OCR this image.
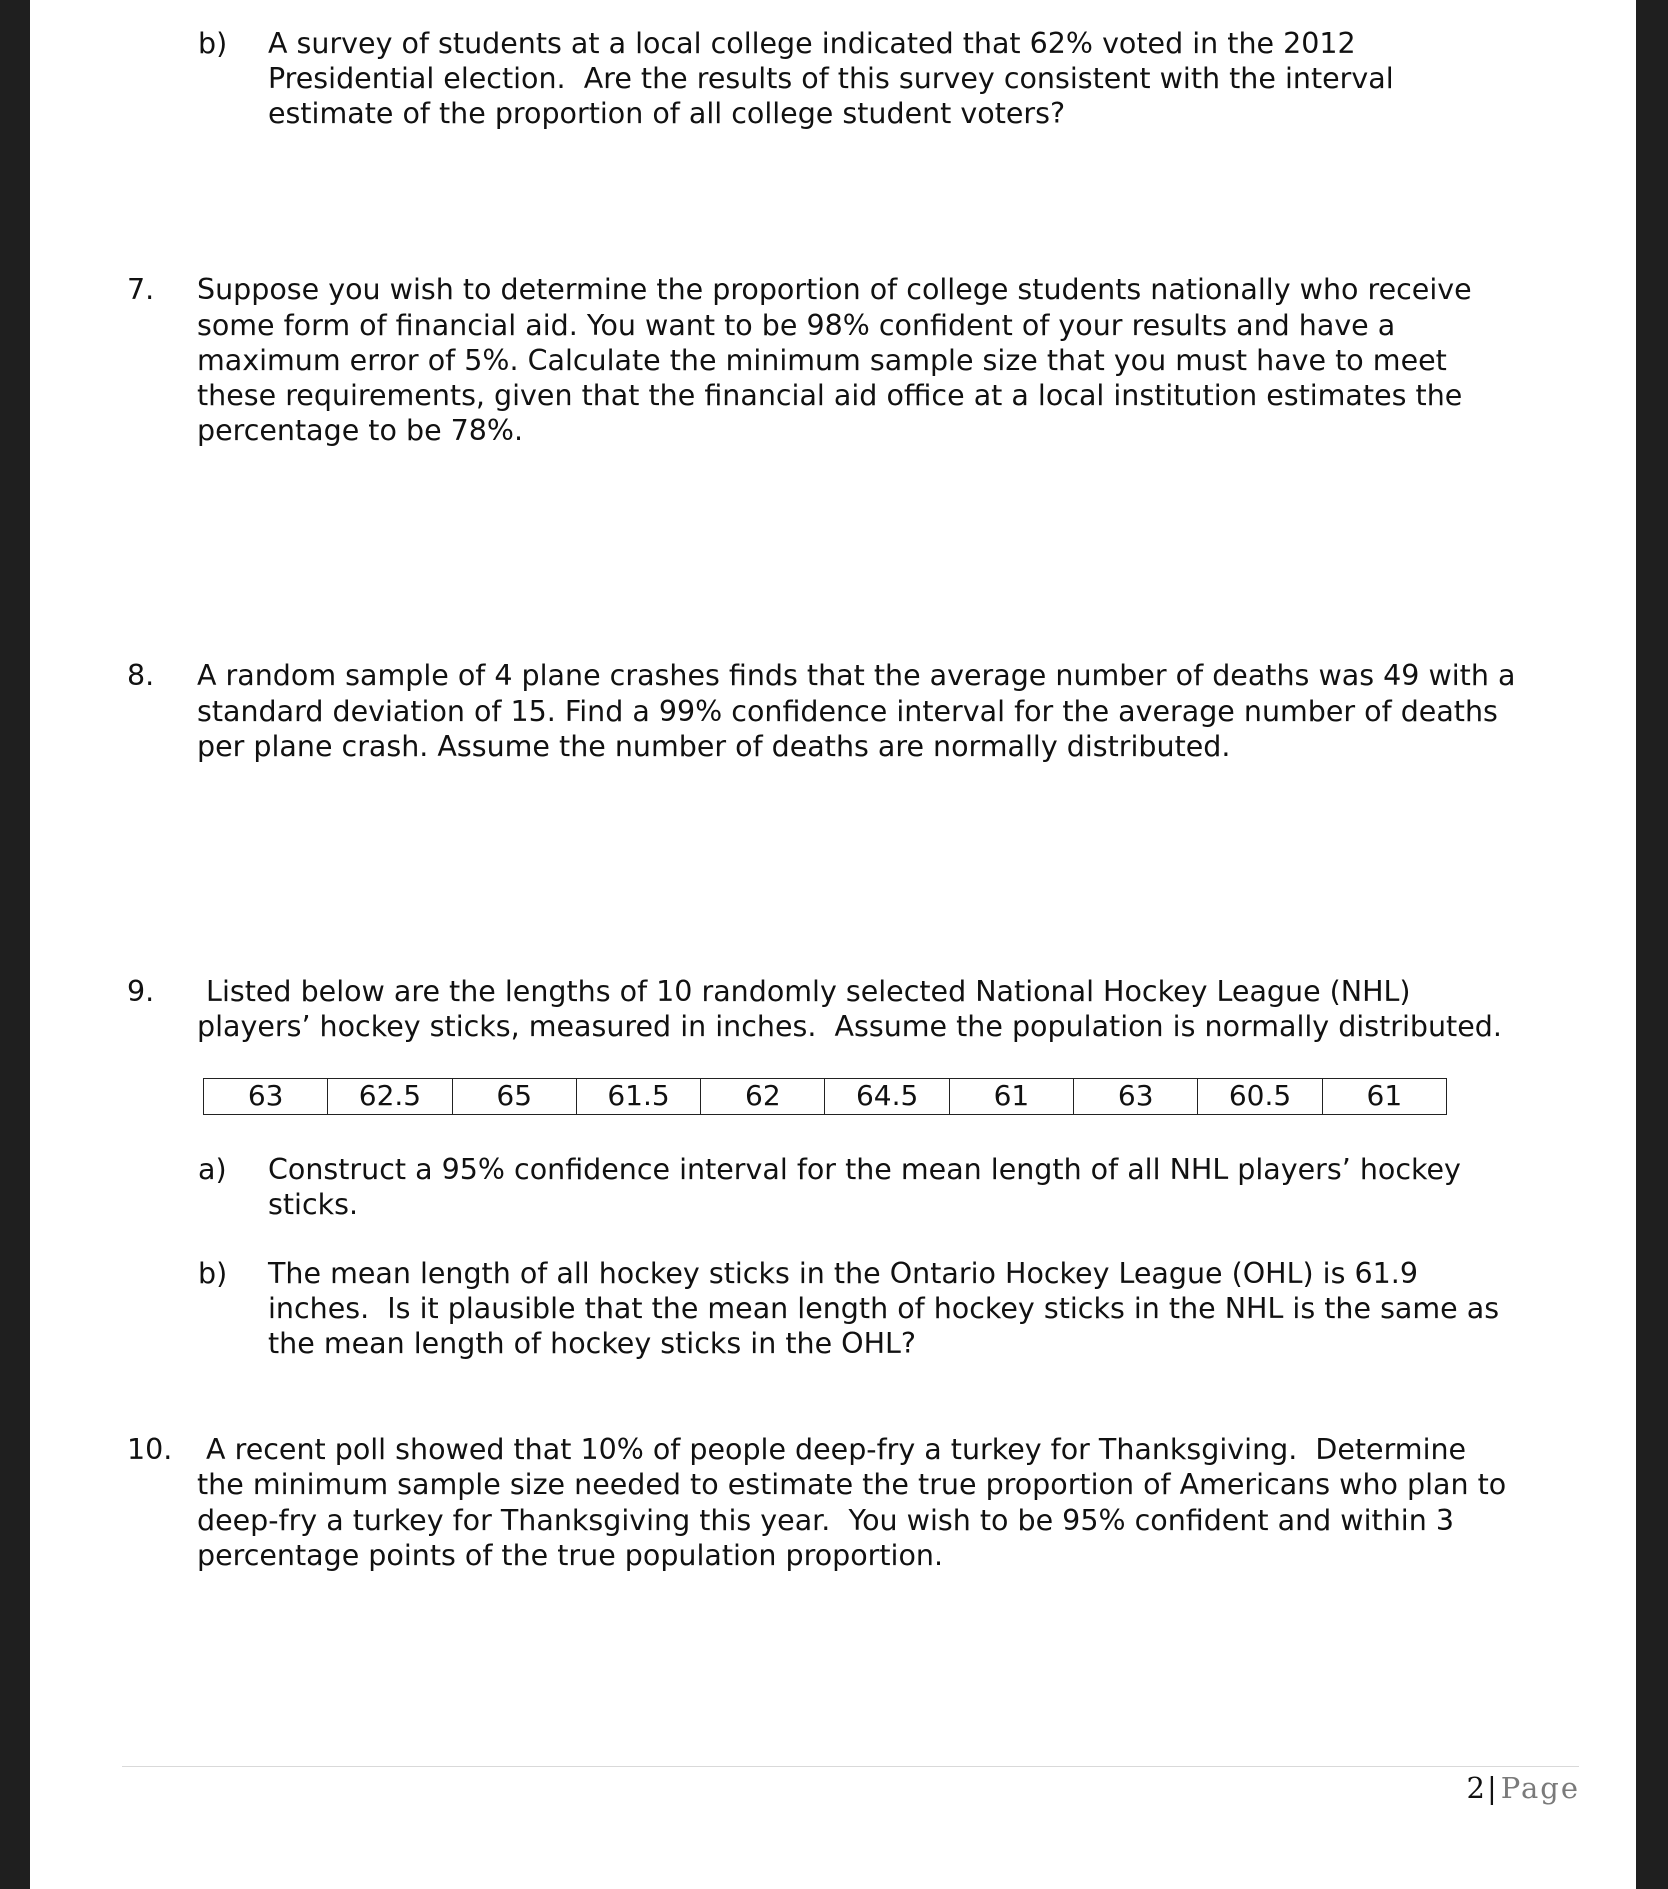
b) A survey of students at a local college indicated that 62% voted in the 2012
Presidential election.  Are the results of this survey consistent with the interval
estimate of the proportion of all college student voters?
7. Suppose you wish to determine the proportion of college students nationally who receive
some form of financial aid. You want to be 98% confident of your results and have a
maximum error of 5%. Calculate the minimum sample size that you must have to meet
these requirements, given that the financial aid office at a local institution estimates the
percentage to be 78%.
8. A random sample of 4 plane crashes finds that the average number of deaths was 49 with a
standard deviation of 15. Find a 99% confidence interval for the average number of deaths
per plane crash. Assume the number of deaths are normally distributed.
9. Listed below are the lengths of 10 randomly selected National Hockey League (NHL)
players’ hockey sticks, measured in inches.  Assume the population is normally distributed.
63	62.5	65	61.5	62	64.5	61	63	60.5	61
a) Construct a 95% confidence interval for the mean length of all NHL players’ hockey
sticks.
b) The mean length of all hockey sticks in the Ontario Hockey League (OHL) is 61.9
inches.  Is it plausible that the mean length of hockey sticks in the NHL is the same as
the mean length of hockey sticks in the OHL?
10. A recent poll showed that 10% of people deep-fry a turkey for Thanksgiving.  Determine
the minimum sample size needed to estimate the true proportion of Americans who plan to
deep-fry a turkey for Thanksgiving this year.  You wish to be 95% confident and within 3
percentage points of the true population proportion.
2|Page
